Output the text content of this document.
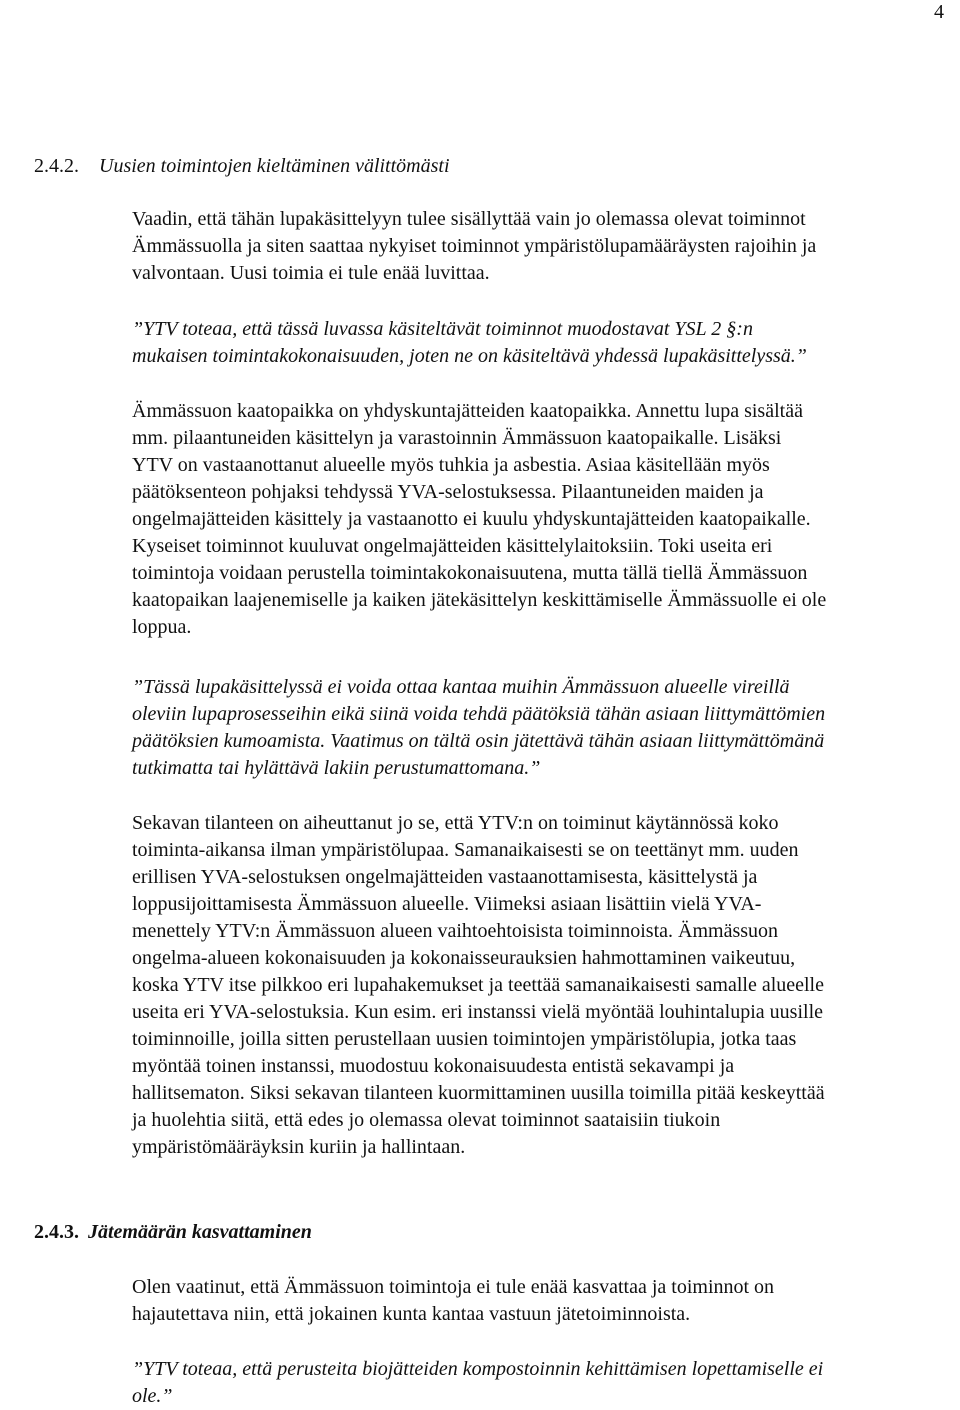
4
2.4.2. Uusien toimintojen kieltäminen välittömästi

Vaadin, että tähän lupakäsittelyyn tulee sisällyttää vain jo olemassa olevat toiminnot
Ämmässuolla ja siten saattaa nykyiset toiminnot ympäristölupamääräysten rajoihin ja
valvontaan. Uusi toimia ei tule enää luvittaa.

”YTV toteaa, että tässä luvassa käsiteltävät toiminnot muodostavat YSL 2 §:n
mukaisen toimintakokonaisuuden, joten ne on käsiteltävä yhdessä lupakäsittelyssä.”

Ämmässuon kaatopaikka on yhdyskuntajätteiden kaatopaikka. Annettu lupa sisältää
mm. pilaantuneiden käsittelyn ja varastoinnin Ämmässuon kaatopaikalle. Lisäksi
YTV on vastaanottanut alueelle myös tuhkia ja asbestia. Asiaa käsitellään myös
päätöksenteon pohjaksi tehdyssä YVA-selostuksessa. Pilaantuneiden maiden ja
ongelmajätteiden käsittely ja vastaanotto ei kuulu yhdyskuntajätteiden kaatopaikalle.
Kyseiset toiminnot kuuluvat ongelmajätteiden käsittelylaitoksiin. Toki useita eri
toimintoja voidaan perustella toimintakokonaisuutena, mutta tällä tiellä Ämmässuon
kaatopaikan laajenemiselle ja kaiken jätekäsittelyn keskittämiselle Ämmässuolle ei ole
loppua.

”Tässä lupakäsittelyssä ei voida ottaa kantaa muihin Ämmässuon alueelle vireillä
oleviin lupaprosesseihin eikä siinä voida tehdä päätöksiä tähän asiaan liittymättömien
päätöksien kumoamista. Vaatimus on tältä osin jätettävä tähän asiaan liittymättömänä
tutkimatta tai hylättävä lakiin perustumattomana.”

Sekavan tilanteen on aiheuttanut jo se, että YTV:n on toiminut käytännössä koko
toiminta-aikansa ilman ympäristölupaa. Samanaikaisesti se on teettänyt mm. uuden
erillisen YVA-selostuksen ongelmajätteiden vastaanottamisesta, käsittelystä ja
loppusijoittamisesta Ämmässuon alueelle. Viimeksi asiaan lisättiin vielä YVA-
menettely YTV:n Ämmässuon alueen vaihtoehtoisista toiminnoista. Ämmässuon
ongelma-alueen kokonaisuuden ja kokonaisseurauksien hahmottaminen vaikeutuu,
koska YTV itse pilkkoo eri lupahakemukset ja teettää samanaikaisesti samalle alueelle
useita eri YVA-selostuksia. Kun esim. eri instanssi vielä myöntää louhintalupia uusille
toiminnoille, joilla sitten perustellaan uusien toimintojen ympäristölupia, jotka taas
myöntää toinen instanssi, muodostuu kokonaisuudesta entistä sekavampi ja
hallitsematon. Siksi sekavan tilanteen kuormittaminen uusilla toimilla pitää keskeyttää
ja huolehtia siitä, että edes jo olemassa olevat toiminnot saataisiin tiukoin
ympäristömääräyksin kuriin ja hallintaan.

2.4.3. Jätemäärän kasvattaminen

Olen vaatinut, että Ämmässuon toimintoja ei tule enää kasvattaa ja toiminnot on
hajautettava niin, että jokainen kunta kantaa vastuun jätetoiminnoista.

”YTV toteaa, että perusteita biojätteiden kompostoinnin kehittämisen lopettamiselle ei
ole.”
